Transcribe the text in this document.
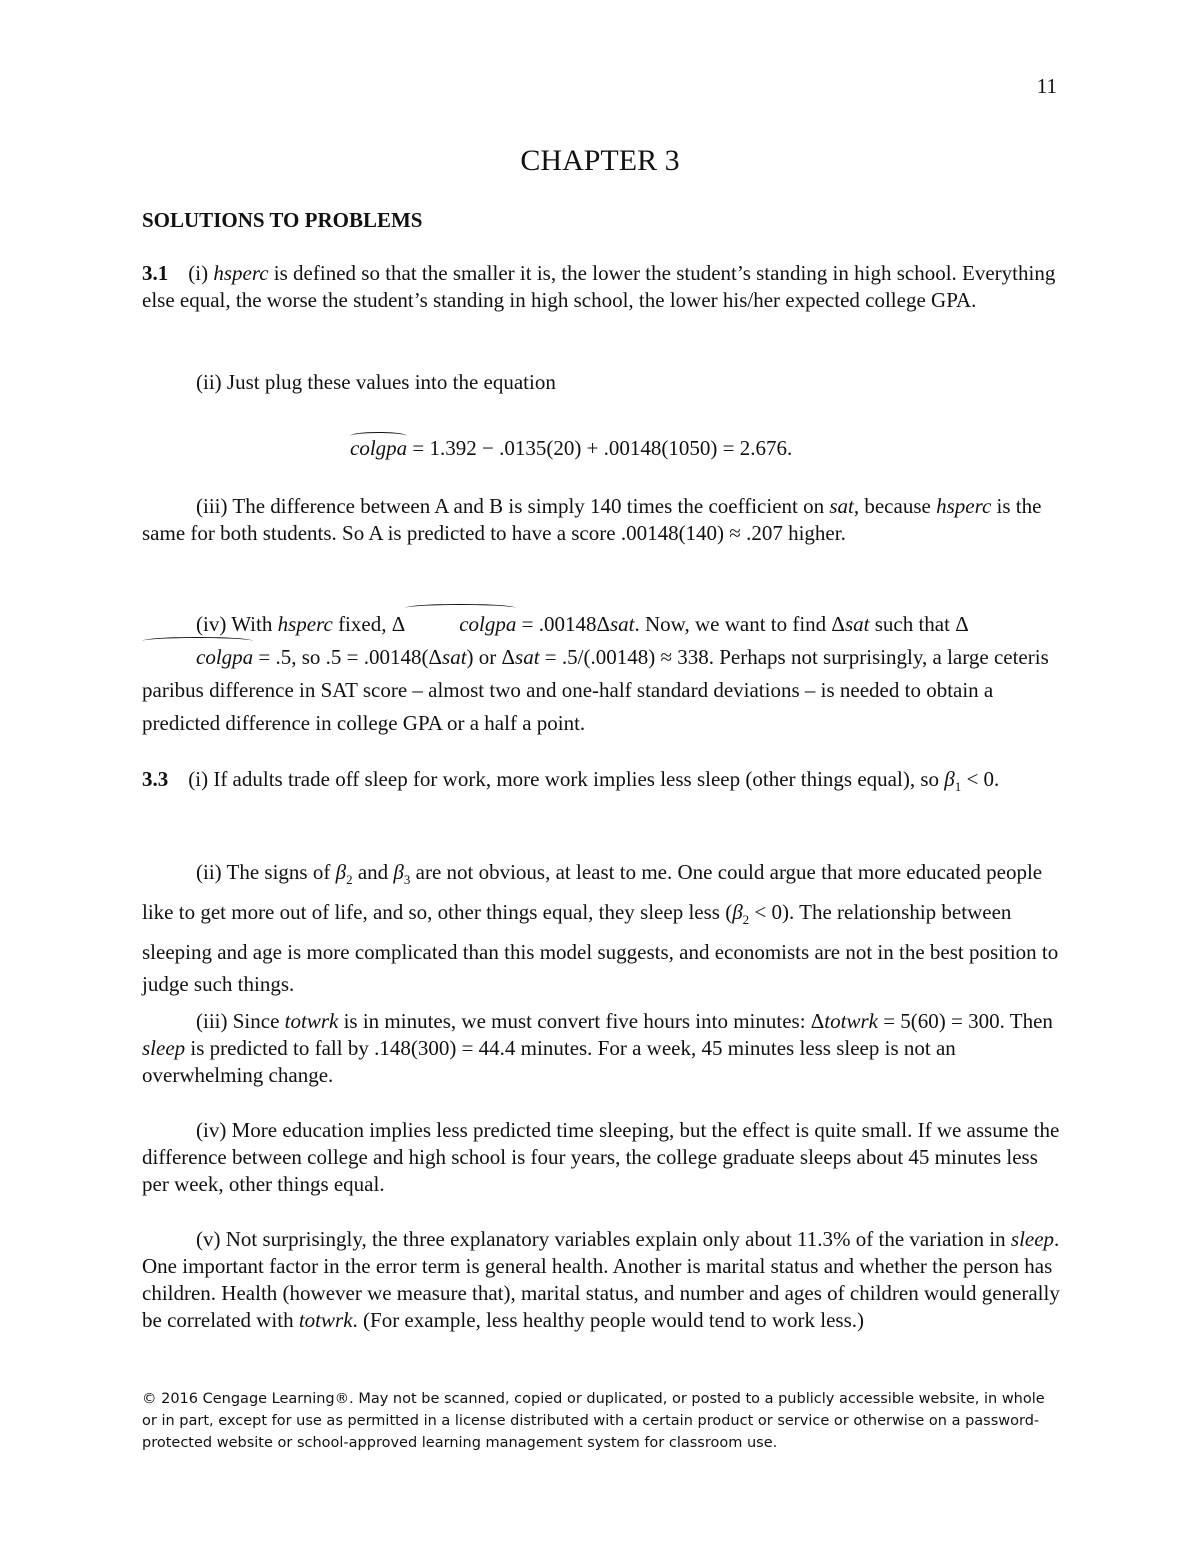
11
CHAPTER 3
SOLUTIONS TO PROBLEMS
3.1 (i) hsperc is defined so that the smaller it is, the lower the student’s standing in high school. Everything else equal, the worse the student’s standing in high school, the lower his/her expected college GPA.
(ii) Just plug these values into the equation
colgpa = 1.392 − .0135(20) + .00148(1050) = 2.676.
(iii) The difference between A and B is simply 140 times the coefficient on sat, because hsperc is the same for both students. So A is predicted to have a score .00148(140) ≈ .207 higher.
(iv) With hsperc fixed, Δ	colgpa = .00148Δsat. Now, we want to find Δsat such that Δcolgpa = .5, so .5 = .00148(Δsat) or Δsat = .5/(.00148) ≈ 338. Perhaps not surprisingly, a large ceteris paribus difference in SAT score – almost two and one-half standard deviations – is needed to obtain a predicted difference in college GPA or a half a point.
3.3 (i) If adults trade off sleep for work, more work implies less sleep (other things equal), so $\beta_1 < 0$.
(ii) The signs of $\beta_2$ and $\beta_3$ are not obvious, at least to me. One could argue that more educated people like to get more out of life, and so, other things equal, they sleep less $(\beta_2 < 0)$. The relationship between sleeping and age is more complicated than this model suggests, and economists are not in the best position to judge such things.
(iii) Since totwrk is in minutes, we must convert five hours into minutes: Δtotwrk = 5(60) = 300. Then sleep is predicted to fall by .148(300) = 44.4 minutes. For a week, 45 minutes less sleep is not an overwhelming change.
(iv) More education implies less predicted time sleeping, but the effect is quite small. If we assume the difference between college and high school is four years, the college graduate sleeps about 45 minutes less per week, other things equal.
(v) Not surprisingly, the three explanatory variables explain only about 11.3% of the variation in sleep. One important factor in the error term is general health. Another is marital status and whether the person has children. Health (however we measure that), marital status, and number and ages of children would generally be correlated with totwrk. (For example, less healthy people would tend to work less.)
© 2016 Cengage Learning®. May not be scanned, copied or duplicated, or posted to a publicly accessible website, in whole or in part, except for use as permitted in a license distributed with a certain product or service or otherwise on a password-protected website or school-approved learning management system for classroom use.
